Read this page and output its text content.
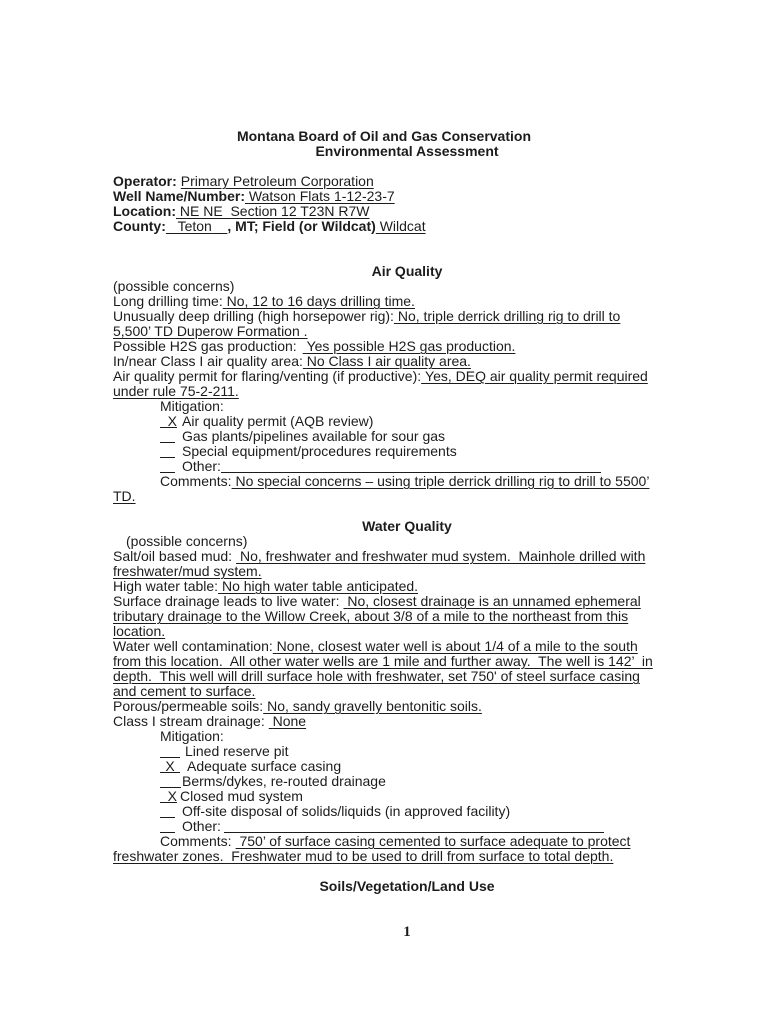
Montana Board of Oil and Gas Conservation
Environmental Assessment
Operator: Primary Petroleum Corporation
Well Name/Number: Watson Flats 1-12-23-7
Location: NE NE  Section 12 T23N R7W
County: Teton , MT; Field (or Wildcat) Wildcat
Air Quality
(possible concerns)
Long drilling time: No, 12 to 16 days drilling time.
Unusually deep drilling (high horsepower rig): No, triple derrick drilling rig to drill to
5,500’ TD Duperow Formation .
Possible H2S gas production: Yes possible H2S gas production.
In/near Class I air quality area: No Class I air quality area.
Air quality permit for flaring/venting (if productive): Yes, DEQ air quality permit required
under rule 75-2-211.
Mitigation:
X Air quality permit (AQB review)
Gas plants/pipelines available for sour gas
Special equipment/procedures requirements
Other:
Comments: No special concerns – using triple derrick drilling rig to drill to 5500’
TD.
Water Quality
(possible concerns)
Salt/oil based mud: No, freshwater and freshwater mud system.  Mainhole drilled with
freshwater/mud system.
High water table: No high water table anticipated.
Surface drainage leads to live water: No, closest drainage is an unnamed ephemeral
tributary drainage to the Willow Creek, about 3/8 of a mile to the northeast from this
location.
Water well contamination: None, closest water well is about 1/4 of a mile to the south
from this location.  All other water wells are 1 mile and further away.  The well is 142’  in
depth.  This well will drill surface hole with freshwater, set 750' of steel surface casing
and cement to surface.
Porous/permeable soils: No, sandy gravelly bentonitic soils.
Class I stream drainage: None
Mitigation:
Lined reserve pit
X Adequate surface casing
Berms/dykes, re-routed drainage
X Closed mud system
Off-site disposal of solids/liquids (in approved facility)
Other:
Comments: 750’ of surface casing cemented to surface adequate to protect
freshwater zones.  Freshwater mud to be used to drill from surface to total depth.
Soils/Vegetation/Land Use
1
